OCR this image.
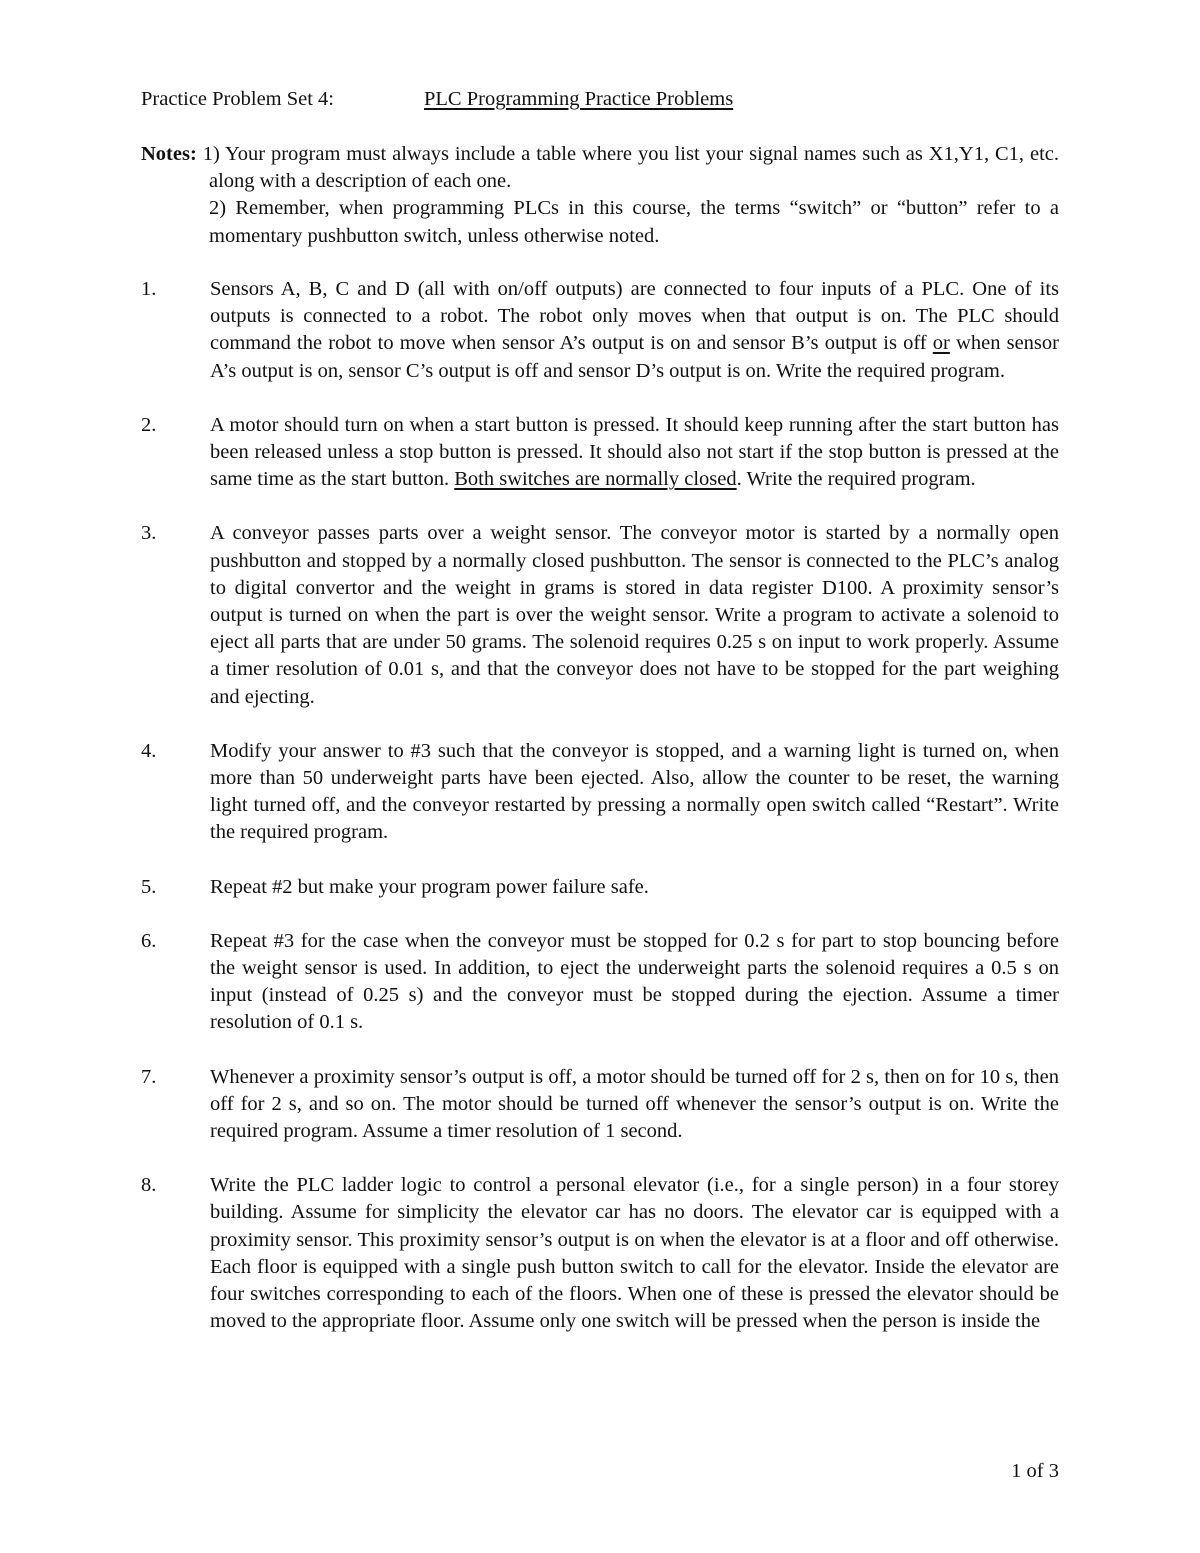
Practice Problem Set 4:	PLC Programming Practice Problems
Notes: 1) Your program must always include a table where you list your signal names such as X1,Y1, C1, etc. along with a description of each one.
2) Remember, when programming PLCs in this course, the terms “switch” or “button” refer to a momentary pushbutton switch, unless otherwise noted.
1.	Sensors A, B, C and D (all with on/off outputs) are connected to four inputs of a PLC. One of its outputs is connected to a robot. The robot only moves when that output is on. The PLC should command the robot to move when sensor A’s output is on and sensor B’s output is off or when sensor A’s output is on, sensor C’s output is off and sensor D’s output is on. Write the required program.
2.	A motor should turn on when a start button is pressed. It should keep running after the start button has been released unless a stop button is pressed. It should also not start if the stop button is pressed at the same time as the start button. Both switches are normally closed. Write the required program.
3.	A conveyor passes parts over a weight sensor. The conveyor motor is started by a normally open pushbutton and stopped by a normally closed pushbutton. The sensor is connected to the PLC’s analog to digital convertor and the weight in grams is stored in data register D100. A proximity sensor’s output is turned on when the part is over the weight sensor. Write a program to activate a solenoid to eject all parts that are under 50 grams. The solenoid requires 0.25 s on input to work properly. Assume a timer resolution of 0.01 s, and that the conveyor does not have to be stopped for the part weighing and ejecting.
4.	Modify your answer to #3 such that the conveyor is stopped, and a warning light is turned on, when more than 50 underweight parts have been ejected. Also, allow the counter to be reset, the warning light turned off, and the conveyor restarted by pressing a normally open switch called “Restart”. Write the required program.
5.	Repeat #2 but make your program power failure safe.
6.	Repeat #3 for the case when the conveyor must be stopped for 0.2 s for part to stop bouncing before the weight sensor is used. In addition, to eject the underweight parts the solenoid requires a 0.5 s on input (instead of 0.25 s) and the conveyor must be stopped during the ejection. Assume a timer resolution of 0.1 s.
7.	Whenever a proximity sensor’s output is off, a motor should be turned off for 2 s, then on for 10 s, then off for 2 s, and so on. The motor should be turned off whenever the sensor’s output is on. Write the required program. Assume a timer resolution of 1 second.
8.	Write the PLC ladder logic to control a personal elevator (i.e., for a single person) in a four storey building. Assume for simplicity the elevator car has no doors. The elevator car is equipped with a proximity sensor. This proximity sensor’s output is on when the elevator is at a floor and off otherwise. Each floor is equipped with a single push button switch to call for the elevator. Inside the elevator are four switches corresponding to each of the floors. When one of these is pressed the elevator should be moved to the appropriate floor. Assume only one switch will be pressed when the person is inside the
1 of 3
